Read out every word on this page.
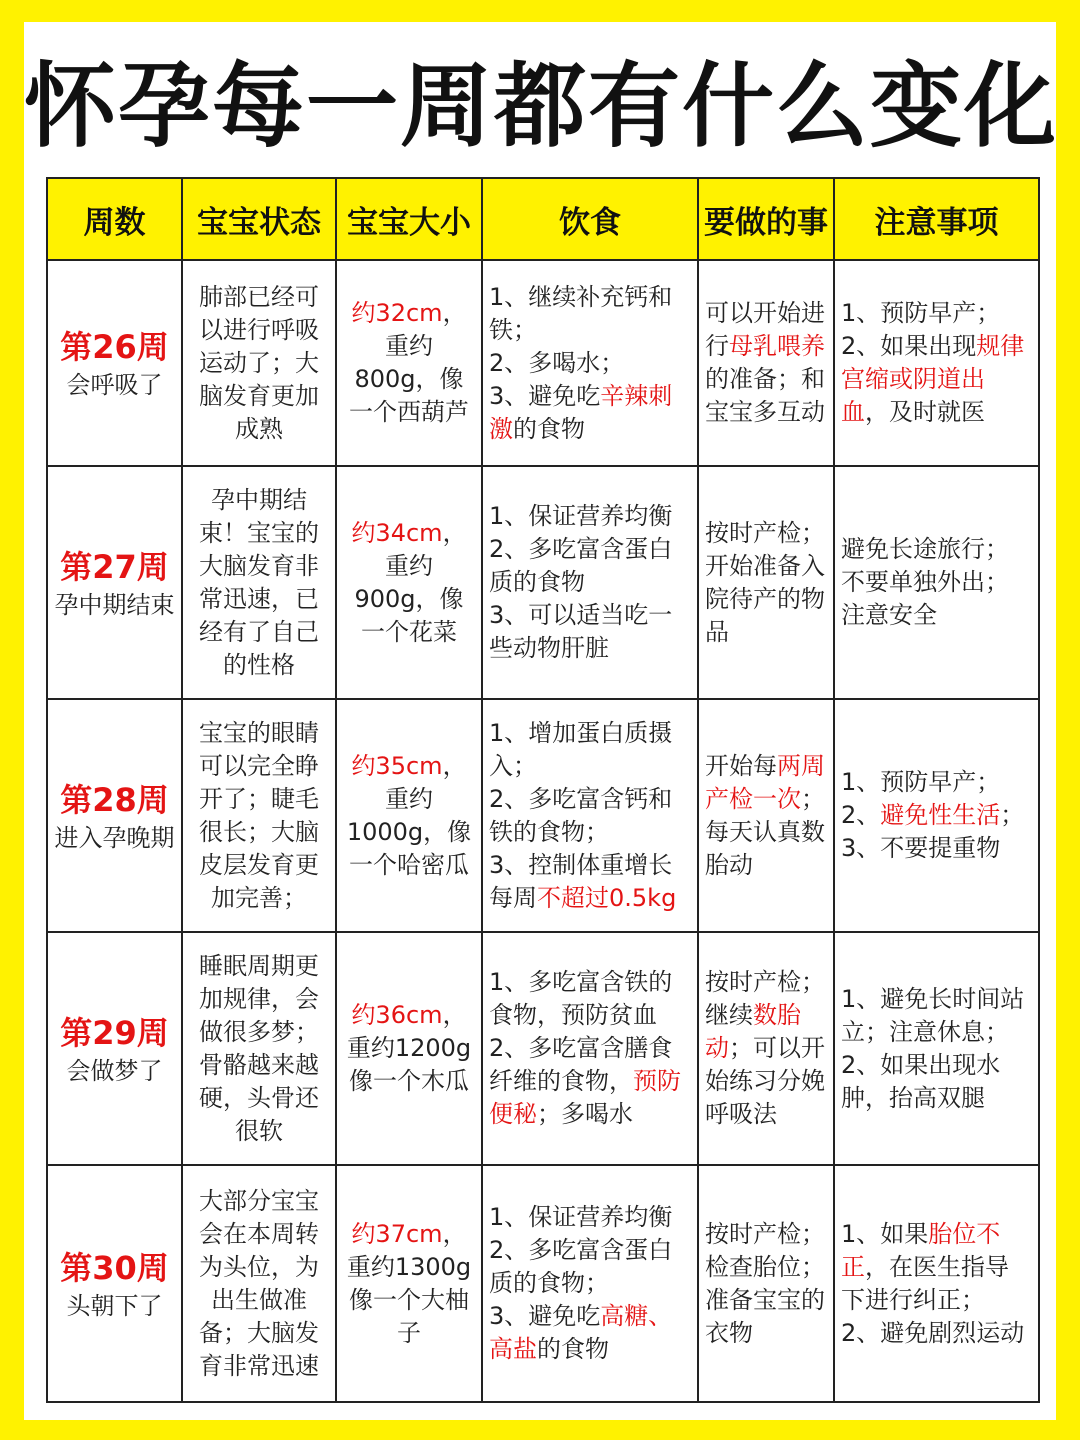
怀孕每一周都有什么变化
周数	宝宝状态	宝宝大小	饮食	要做的事	注意事项

第26周
会呼吸了	肺部已经可以进行呼吸运动了；大脑发育更加成熟	约32cm，重约800g，像一个西葫芦	1、继续补充钙和铁；
2、多喝水；
3、避免吃辛辣刺激的食物	可以开始进行母乳喂养的准备；和宝宝多互动	1、预防早产；
2、如果出现规律宫缩或阴道出血，及时就医

第27周
孕中期结束	孕中期结束！宝宝的大脑发育非常迅速，已经有了自己的性格	约34cm，重约900g，像一个花菜	1、保证营养均衡
2、多吃富含蛋白质的食物
3、可以适当吃一些动物肝脏	按时产检；开始准备入院待产的物品	避免长途旅行；不要单独外出；注意安全

第28周
进入孕晚期	宝宝的眼睛可以完全睁开了；睫毛很长；大脑皮层发育更加完善；	约35cm，重约1000g，像一个哈密瓜	1、增加蛋白质摄入；
2、多吃富含钙和铁的食物；
3、控制体重增长每周不超过0.5kg	开始每两周产检一次；每天认真数胎动	1、预防早产；
2、避免性生活；
3、不要提重物

第29周
会做梦了	睡眠周期更加规律，会做很多梦；骨骼越来越硬，头骨还很软	约36cm，重约1200g像一个木瓜	1、多吃富含铁的食物，预防贫血
2、多吃富含膳食纤维的食物，预防便秘；多喝水	按时产检；继续数胎动；可以开始练习分娩呼吸法	1、避免长时间站立；注意休息；
2、如果出现水肿，抬高双腿

第30周
头朝下了	大部分宝宝会在本周转为头位，为出生做准备；大脑发育非常迅速	约37cm，重约1300g像一个大柚子	1、保证营养均衡
2、多吃富含蛋白质的食物；
3、避免吃高糖、高盐的食物	按时产检；检查胎位；准备宝宝的衣物	1、如果胎位不正，在医生指导下进行纠正；
2、避免剧烈运动
